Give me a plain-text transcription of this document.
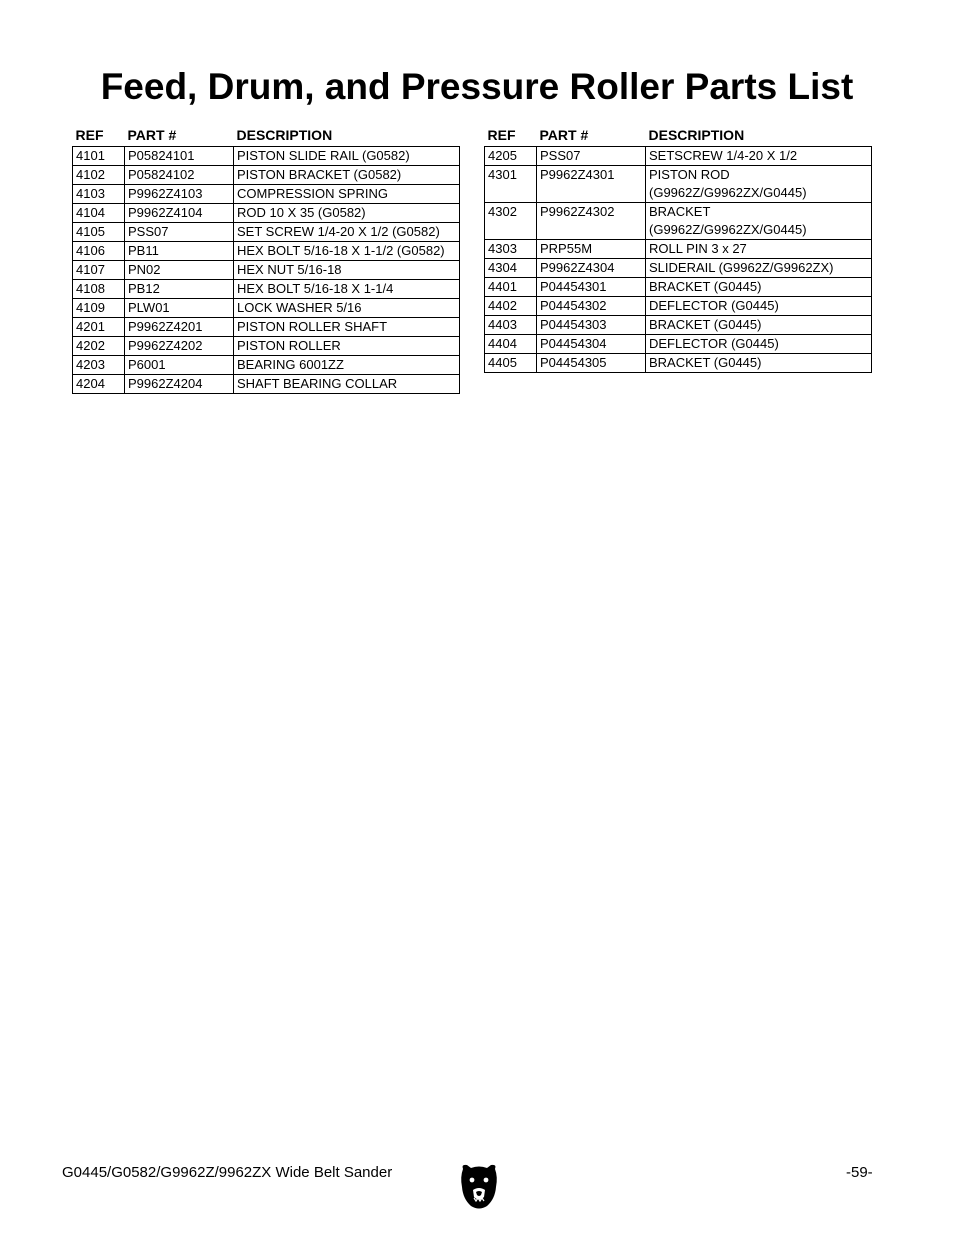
Feed, Drum, and Pressure Roller Parts List
REF	PART #	DESCRIPTION
4101	P05824101	PISTON SLIDE RAIL (G0582)
4102	P05824102	PISTON BRACKET (G0582)
4103	P9962Z4103	COMPRESSION SPRING
4104	P9962Z4104	ROD 10 X 35 (G0582)
4105	PSS07	SET SCREW 1/4-20 X 1/2 (G0582)
4106	PB11	HEX BOLT 5/16-18 X 1-1/2 (G0582)
4107	PN02	HEX NUT 5/16-18
4108	PB12	HEX BOLT 5/16-18 X 1-1/4
4109	PLW01	LOCK WASHER 5/16
4201	P9962Z4201	PISTON ROLLER SHAFT
4202	P9962Z4202	PISTON ROLLER
4203	P6001	BEARING 6001ZZ
4204	P9962Z4204	SHAFT BEARING COLLAR
REF	PART #	DESCRIPTION
4205	PSS07	SETSCREW 1/4-20 X 1/2
4301	P9962Z4301	PISTON ROD (G9962Z/G9962ZX/G0445)
4302	P9962Z4302	BRACKET (G9962Z/G9962ZX/G0445)
4303	PRP55M	ROLL PIN 3 x 27
4304	P9962Z4304	SLIDERAIL (G9962Z/G9962ZX)
4401	P04454301	BRACKET (G0445)
4402	P04454302	DEFLECTOR (G0445)
4403	P04454303	BRACKET (G0445)
4404	P04454304	DEFLECTOR (G0445)
4405	P04454305	BRACKET (G0445)
G0445/G0582/G9962Z/9962ZX Wide Belt Sander	-59-
